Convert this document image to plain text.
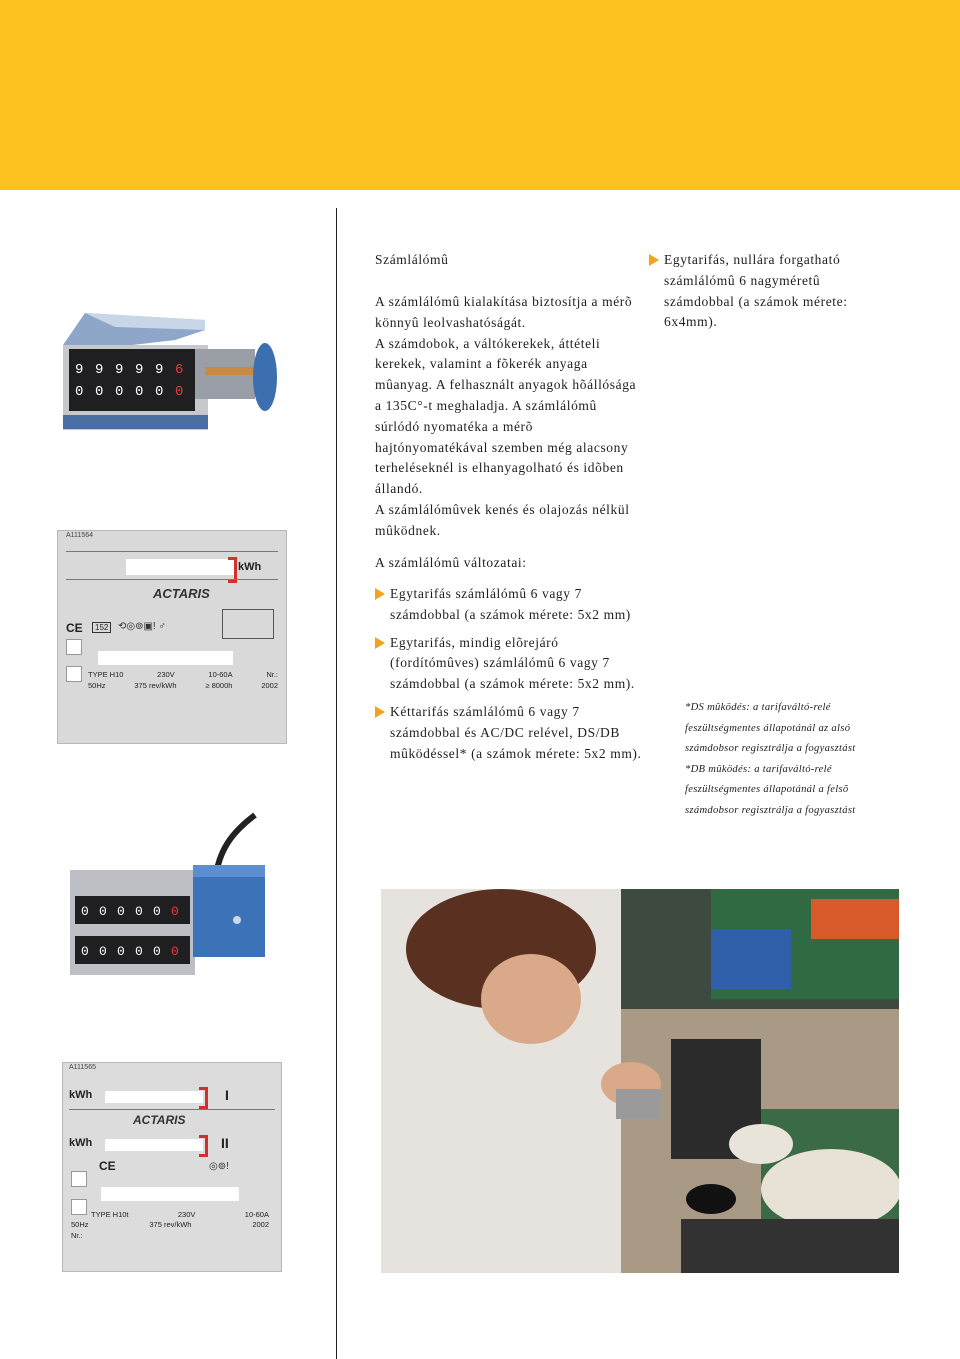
Számlálómû

A számlálómû kialakítása biztosítja a mérõ könnyû leolvashatóságát.

A számdobok, a váltókerekek, áttételi kerekek, valamint a fõkerék anyaga mûanyag. A felhasznált anyagok hõállósága a 135C°-t meghaladja. A számlálómû súrlódó nyomatéka a mérõ hajtónyomatékával szemben még alacsony terheléseknél is elhanyagolható és idõben állandó.

A számlálómûvek kenés és olajozás nélkül mûködnek.

A számlálómû változatai:
Egytarifás számlálómû 6 vagy 7 számdobbal (a számok mérete: 5x2 mm)
Egytarifás, mindig elõrejáró (fordítómûves) számlálómû 6 vagy 7 számdobbal (a számok mérete: 5x2 mm).
Kéttarifás számlálómû 6 vagy 7 számdobbal és AC/DC relével, DS/DB mûködéssel* (a számok mérete: 5x2 mm).
Egytarifás, nullára forgatható számlálómû 6 nagyméretû számdobbal (a számok mérete: 6x4mm).
*DS mûködés: a tarifaváltó-relé
feszültségmentes állapotánál az alsó
számdobsor regisztrálja a fogyasztást
*DB mûködés: a tarifaváltó-relé
feszültségmentes állapotánál a felsõ
számdobsor regisztrálja a fogyasztást
9 9 9 9 9 6
0 0 0 0 0 0
A111564
kWh
ACTARIS
CE	152 ⟲◎⊚▣ǃ ♂
TYPE H10	230V	10-60A	Nr.:
50Hz	375 rev/kWh	≥ 8000h	2002
0 0 0 0 0 0
0 0 0 0 0 0
A111565
kWh	I
ACTARIS
kWh	II
CE	◎⊚ǃ
TYPE H10t	230V	10-60A
50Hz	375 rev/kWh	2002
Nr.:
